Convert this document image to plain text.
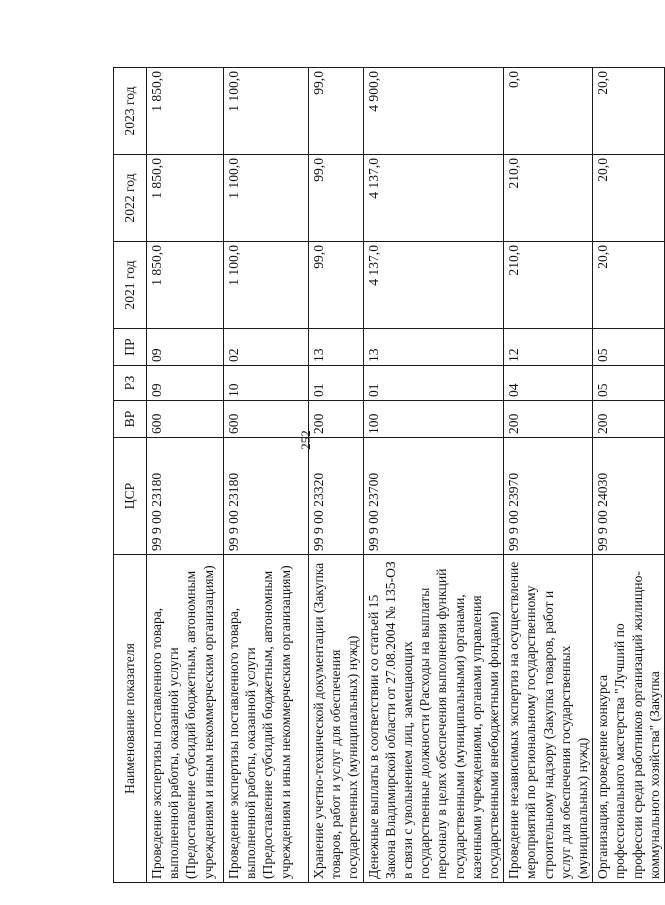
252
Наименование показателя	ЦСР	ВР	РЗ	ПР	2021 год	2022 год	2023 год
Проведение экспертизы поставленного товара, выполненной работы, оказанной услуги (Предоставление субсидий бюджетным, автономным учреждениям и иным некоммерческим организациям)	99 9 00 23180	600	09	09	1 850,0	1 850,0	1 850,0
Проведение экспертизы поставленного товара, выполненной работы, оказанной услуги (Предоставление субсидий бюджетным, автономным учреждениям и иным некоммерческим организациям)	99 9 00 23180	600	10	02	1 100,0	1 100,0	1 100,0
Хранение учетно-технической документации (Закупка товаров, работ и услуг для обеспечения государственных (муниципальных) нужд)	99 9 00 23320	200	01	13	99,0	99,0	99,0
Денежные выплаты в соответствии со статьей 15 Закона Владимирской области от 27.08.2004 № 135-ОЗ в связи с увольнением лиц, замещающих государственные должности (Расходы на выплаты персоналу в целях обеспечения выполнения функций государственными (муниципальными) органами, казенными учреждениями, органами управления государственными внебюджетными фондами)	99 9 00 23700	100	01	13	4 137,0	4 137,0	4 900,0
Проведение независимых экспертиз на осуществление мероприятий по региональному государственному строительному надзору (Закупка товаров, работ и услуг для обеспечения государственных (муниципальных) нужд)	99 9 00 23970	200	04	12	210,0	210,0	0,0
Организация, проведение конкурса профессионального мастерства "Лучший по профессии среди работников организаций жилищно-коммунального хозяйства" (Закупка	99 9 00 24030	200	05	05	20,0	20,0	20,0
